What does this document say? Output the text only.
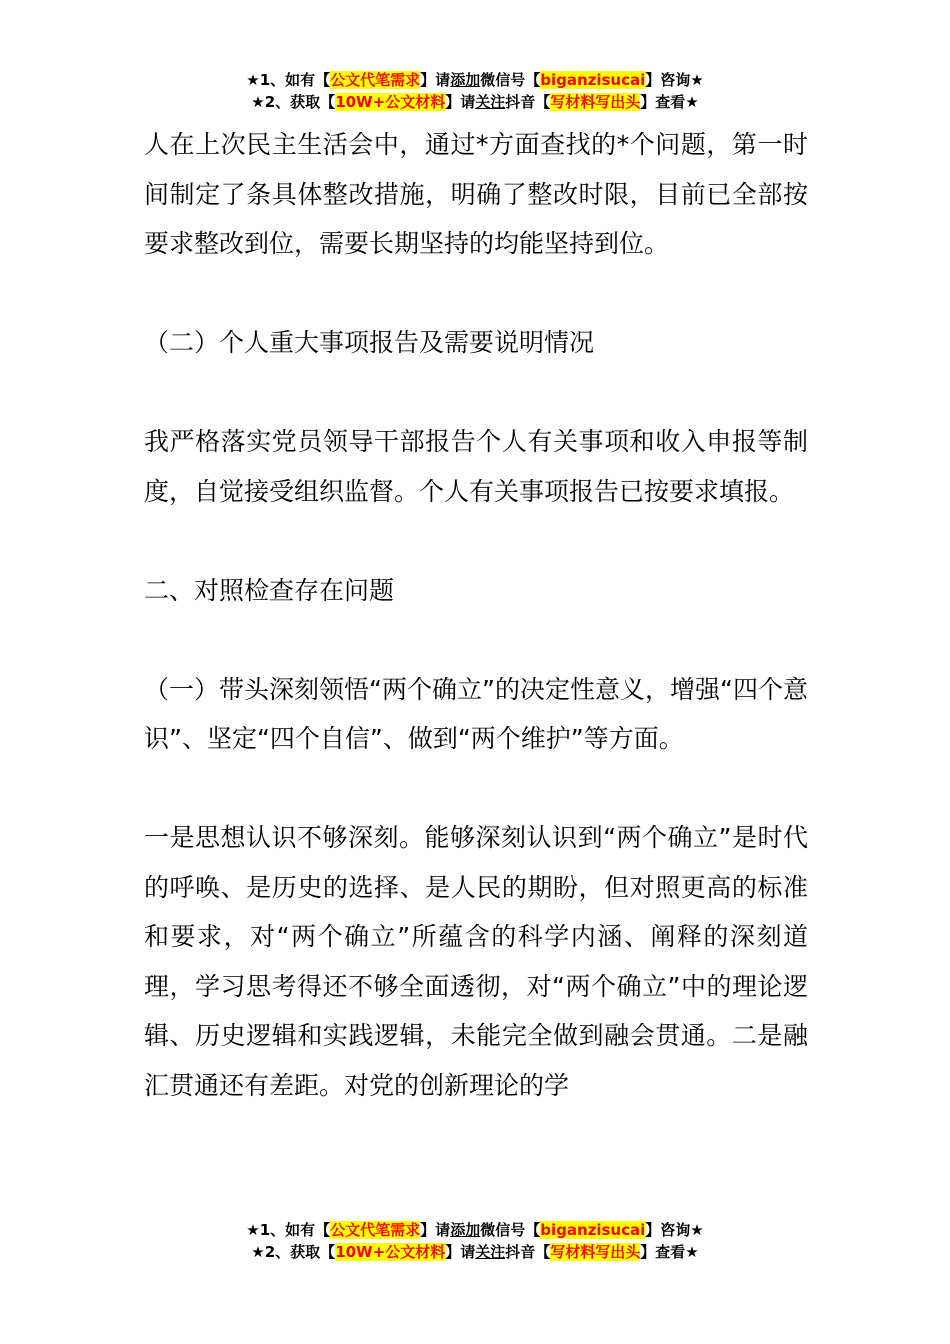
★1、如有【公文代笔需求】请添加微信号【biganzisucai】咨询★
★2、获取【10W+公文材料】请关注抖音【写材料写出头】查看★

人在上次民主生活会中，通过*方面查找的*个问题，第一时间制定了条具体整改措施，明确了整改时限，目前已全部按要求整改到位，需要长期坚持的均能坚持到位。

（二）个人重大事项报告及需要说明情况

我严格落实党员领导干部报告个人有关事项和收入申报等制度，自觉接受组织监督。个人有关事项报告已按要求填报。

二、对照检查存在问题

（一）带头深刻领悟“两个确立”的决定性意义，增强“四个意识”、坚定“四个自信”、做到“两个维护”等方面。

一是思想认识不够深刻。能够深刻认识到“两个确立”是时代的呼唤、是历史的选择、是人民的期盼，但对照更高的标准和要求，对“两个确立”所蕴含的科学内涵、阐释的深刻道理，学习思考得还不够全面透彻，对“两个确立”中的理论逻辑、历史逻辑和实践逻辑，未能完全做到融会贯通。二是融汇贯通还有差距。对党的创新理论的学

★1、如有【公文代笔需求】请添加微信号【biganzisucai】咨询★
★2、获取【10W+公文材料】请关注抖音【写材料写出头】查看★
